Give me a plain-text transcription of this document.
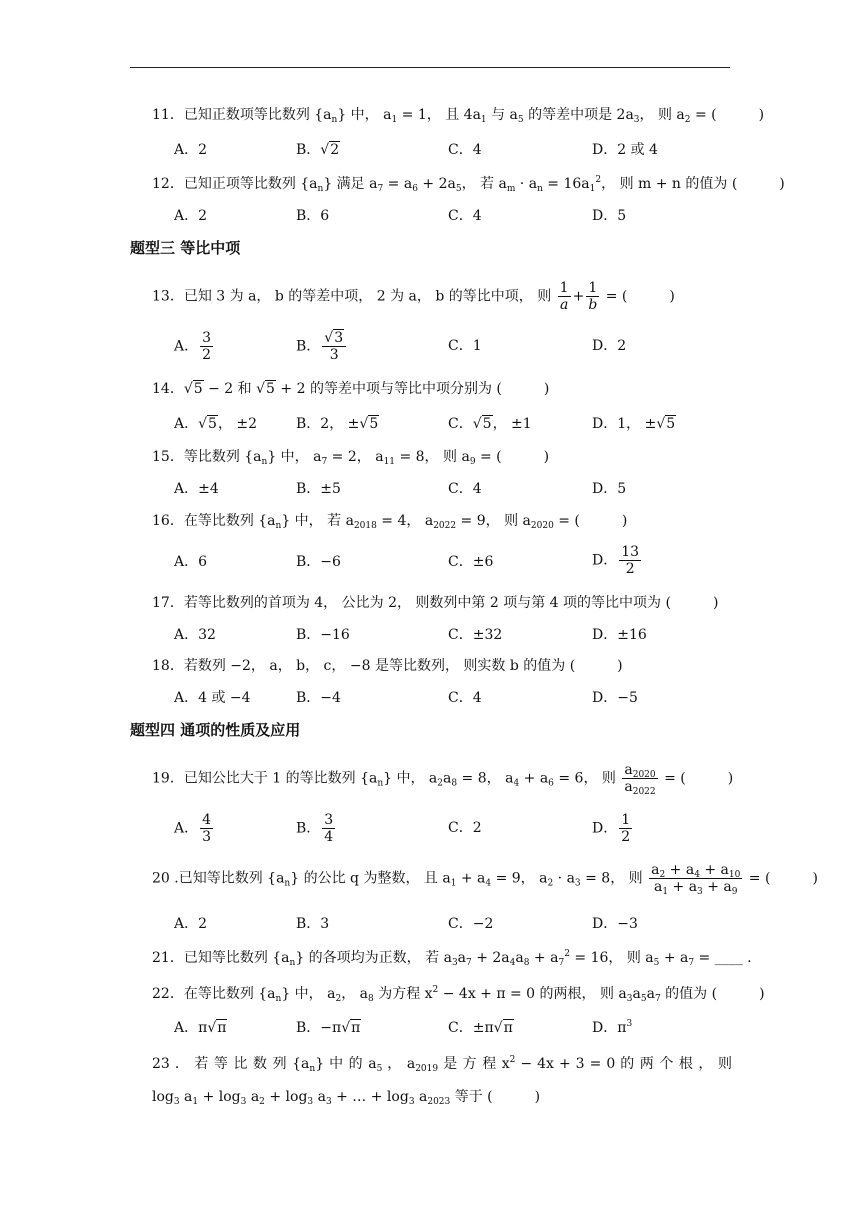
11．已知正数项等比数列 $\{a_n\}$ 中， $a_1 = 1$， 且 $4a_1$ 与 $a_5$ 的等差中项是 $2a_3$， 则 $a_2$ = (　　　)
A．2	B．√2	C．4	D．2 或 4
12．已知正项等比数列 $\{a_n\}$ 满足 $a_7 = a_6 + 2a_5$， 若 $a_m \cdot a_n = 16a_1^2$， 则 m + n 的值为 (　　　)
A．2	B．6	C．4	D．5
题型三 等比中项
13．已知 3 为 a， b 的等差中项， 2 为 a， b 的等比中项， 则 $\frac{1}{a} + \frac{1}{b}$ = (　　　)
A． $\frac{3}{2}$	B． $\frac{√3}{3}$	C．1	D．2
14．√5 − 2 和 √5 + 2 的等差中项与等比中项分别为 (　　　)
A．√5， ±2	B．2， ±√5	C．√5， ±1	D．1， ±√5
15．等比数列 $\{a_n\}$ 中， $a_7 = 2$， $a_{11} = 8$， 则 $a_9$ = (　　　)
A．±4	B．±5	C．4	D．5
16．在等比数列 $\{a_n\}$ 中， 若 $a_{2018} = 4$， $a_{2022} = 9$， 则 $a_{2020}$ = (　　　)
A．6	B．−6	C．±6	D． $\frac{13}{2}$
17．若等比数列的首项为 4， 公比为 2， 则数列中第 2 项与第 4 项的等比中项为 (　　　)
A．32	B．−16	C．±32	D．±16
18．若数列 −2， a， b， c， −8 是等比数列， 则实数 b 的值为 (　　　)
A．4 或 −4	B．−4	C．4	D．−5
题型四 通项的性质及应用
19．已知公比大于 1 的等比数列 $\{a_n\}$ 中， $a_2a_8 = 8$， $a_4 + a_6 = 6$， 则 $\frac{a_{2020}}{a_{2022}}$ = (　　　)
A． $\frac{4}{3}$	B． $\frac{3}{4}$	C．2	D． $\frac{1}{2}$
20 .已知等比数列 $\{a_n\}$ 的公比 q 为整数， 且 $a_1 + a_4 = 9$， $a_2 \cdot a_3 = 8$， 则 $\frac{a_2 + a_4 + a_{10}}{a_1 + a_3 + a_9}$ = (　　　)
A．2	B．3	C．−2	D．−3
21．已知等比数列 $\{a_n\}$ 的各项均为正数， 若 $a_3a_7 + 2a_4a_8 + a_7^2 = 16$， 则 $a_5 + a_7$ = ____ .
22．在等比数列 $\{a_n\}$ 中， $a_2$， $a_8$ 为方程 $x^2 - 4x + \pi = 0$ 的两根， 则 $a_3a_5a_7$ 的值为 (　　　)
A．π√π	B．−π√π	C．±π√π	D．$\pi^3$
23 ． 若 等 比 数 列 $\{a_n\}$ 中 的 $a_5$ ， $a_{2019}$ 是 方 程 $x^2 - 4x + 3 = 0$ 的 两 个 根 ， 则
$\log_3 a_1 + \log_3 a_2 + \log_3 a_3$ + … + $\log_3 a_{2023}$ 等于 (　　　)
